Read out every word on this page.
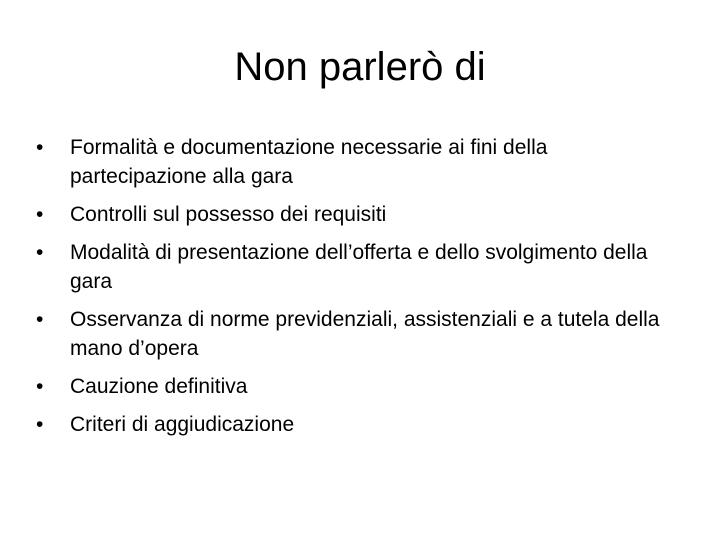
Non parlerò di
•	Formalità e documentazione necessarie ai fini della partecipazione alla gara
•	Controlli sul possesso dei requisiti
•	Modalità di presentazione dell’offerta e dello svolgimento della gara
•	Osservanza di norme previdenziali, assistenziali e a tutela della mano d’opera
•	Cauzione definitiva
•	Criteri di aggiudicazione
